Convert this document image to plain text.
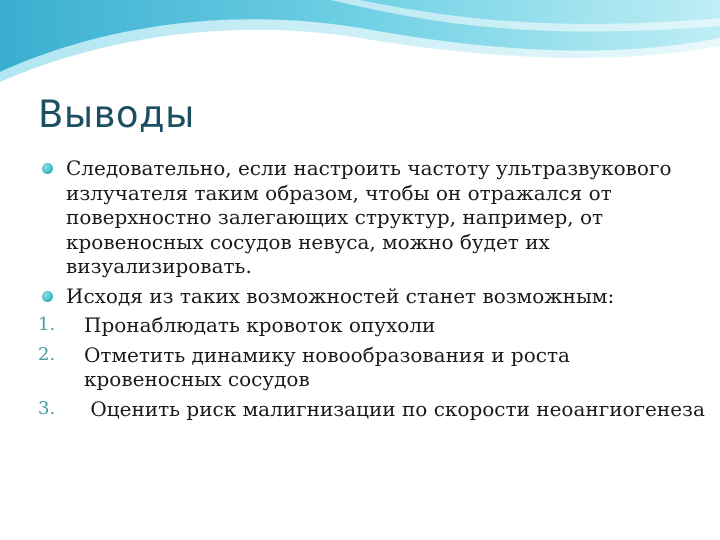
Выводы
Следовательно, если настроить частоту ультразвукового излучателя таким образом, чтобы он отражался от поверхностно залегающих структур, например, от кровеносных сосудов невуса, можно будет их визуализировать.
Исходя из таких возможностей станет возможным:
1. Пронаблюдать кровоток опухоли
2. Отметить динамику новообразования и роста кровеносных сосудов
3. Оценить риск малигнизации по скорости неоангиогенеза
